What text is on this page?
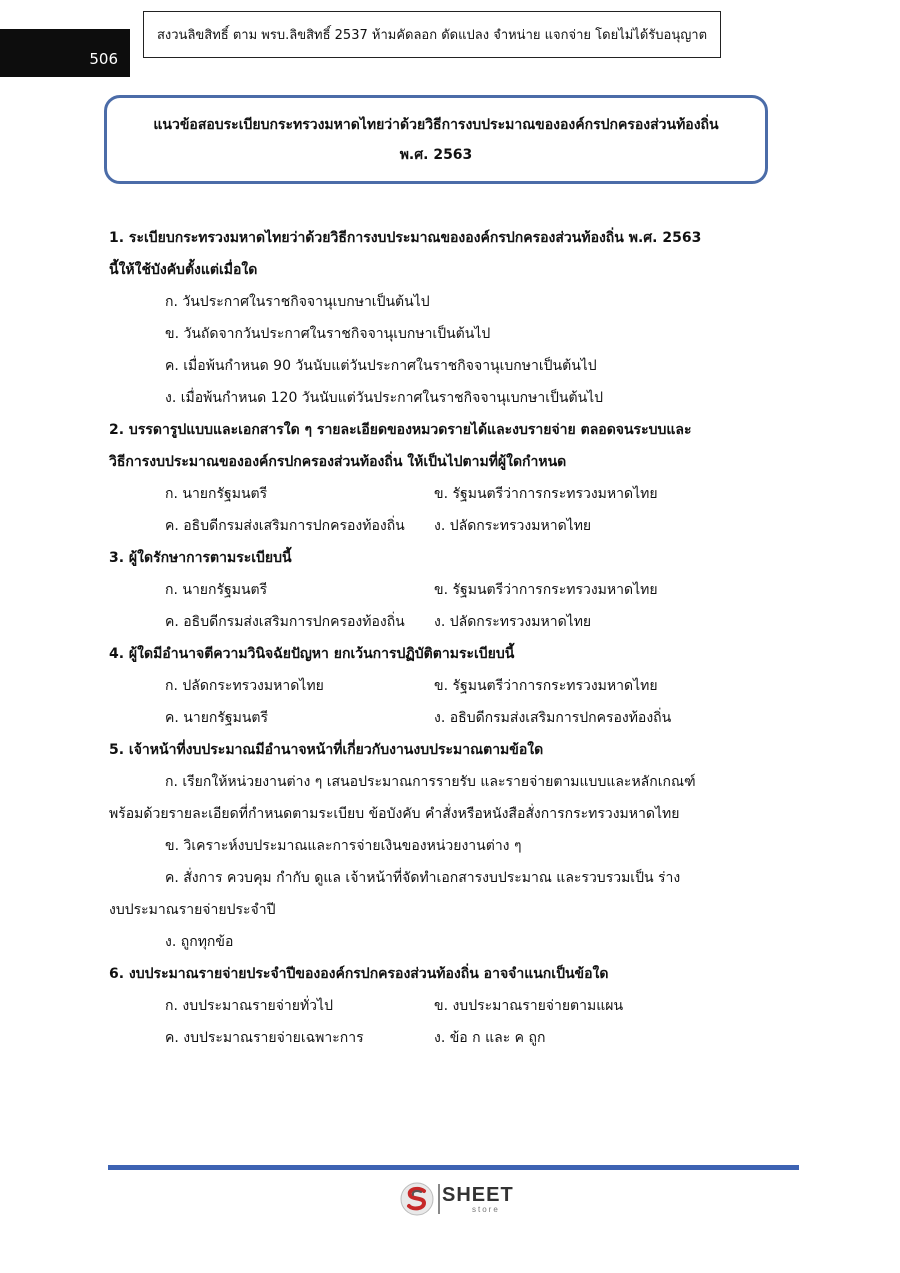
506
สงวนลิขสิทธิ์ ตาม พรบ.ลิขสิทธิ์ 2537 ห้ามคัดลอก ดัดแปลง จำหน่าย แจกจ่าย โดยไม่ได้รับอนุญาต
แนวข้อสอบระเบียบกระทรวงมหาดไทยว่าด้วยวิธีการงบประมาณขององค์กรปกครองส่วนท้องถิ่น
พ.ศ. 2563
1. ระเบียบกระทรวงมหาดไทยว่าด้วยวิธีการงบประมาณขององค์กรปกครองส่วนท้องถิ่น พ.ศ. 2563
นี้ให้ใช้บังคับตั้งแต่เมื่อใด
ก. วันประกาศในราชกิจจานุเบกษาเป็นต้นไป
ข. วันถัดจากวันประกาศในราชกิจจานุเบกษาเป็นต้นไป
ค. เมื่อพ้นกำหนด 90 วันนับแต่วันประกาศในราชกิจจานุเบกษาเป็นต้นไป
ง. เมื่อพ้นกำหนด 120 วันนับแต่วันประกาศในราชกิจจานุเบกษาเป็นต้นไป
2. บรรดารูปแบบและเอกสารใด ๆ รายละเอียดของหมวดรายได้และงบรายจ่าย ตลอดจนระบบและ
วิธีการงบประมาณขององค์กรปกครองส่วนท้องถิ่น ให้เป็นไปตามที่ผู้ใดกำหนด
ก. นายกรัฐมนตรี	ข. รัฐมนตรีว่าการกระทรวงมหาดไทย
ค. อธิบดีกรมส่งเสริมการปกครองท้องถิ่น ง. ปลัดกระทรวงมหาดไทย
3. ผู้ใดรักษาการตามระเบียบนี้
ก. นายกรัฐมนตรี	ข. รัฐมนตรีว่าการกระทรวงมหาดไทย
ค. อธิบดีกรมส่งเสริมการปกครองท้องถิ่น ง. ปลัดกระทรวงมหาดไทย
4. ผู้ใดมีอำนาจตีความวินิจฉัยปัญหา ยกเว้นการปฏิบัติตามระเบียบนี้
ก. ปลัดกระทรวงมหาดไทย	ข. รัฐมนตรีว่าการกระทรวงมหาดไทย
ค. นายกรัฐมนตรี	ง. อธิบดีกรมส่งเสริมการปกครองท้องถิ่น
5. เจ้าหน้าที่งบประมาณมีอำนาจหน้าที่เกี่ยวกับงานงบประมาณตามข้อใด
ก. เรียกให้หน่วยงานต่าง ๆ เสนอประมาณการรายรับ และรายจ่ายตามแบบและหลักเกณฑ์
พร้อมด้วยรายละเอียดที่กำหนดตามระเบียบ ข้อบังคับ คำสั่งหรือหนังสือสั่งการกระทรวงมหาดไทย
ข. วิเคราะห์งบประมาณและการจ่ายเงินของหน่วยงานต่าง ๆ
ค. สั่งการ ควบคุม กำกับ ดูแล เจ้าหน้าที่จัดทำเอกสารงบประมาณ และรวบรวมเป็น ร่าง
งบประมาณรายจ่ายประจำปี
ง. ถูกทุกข้อ
6. งบประมาณรายจ่ายประจำปีขององค์กรปกครองส่วนท้องถิ่น อาจจำแนกเป็นข้อใด
ก. งบประมาณรายจ่ายทั่วไป	ข. งบประมาณรายจ่ายตามแผน
ค. งบประมาณรายจ่ายเฉพาะการ	ง. ข้อ ก และ ค ถูก
SHEET
store
